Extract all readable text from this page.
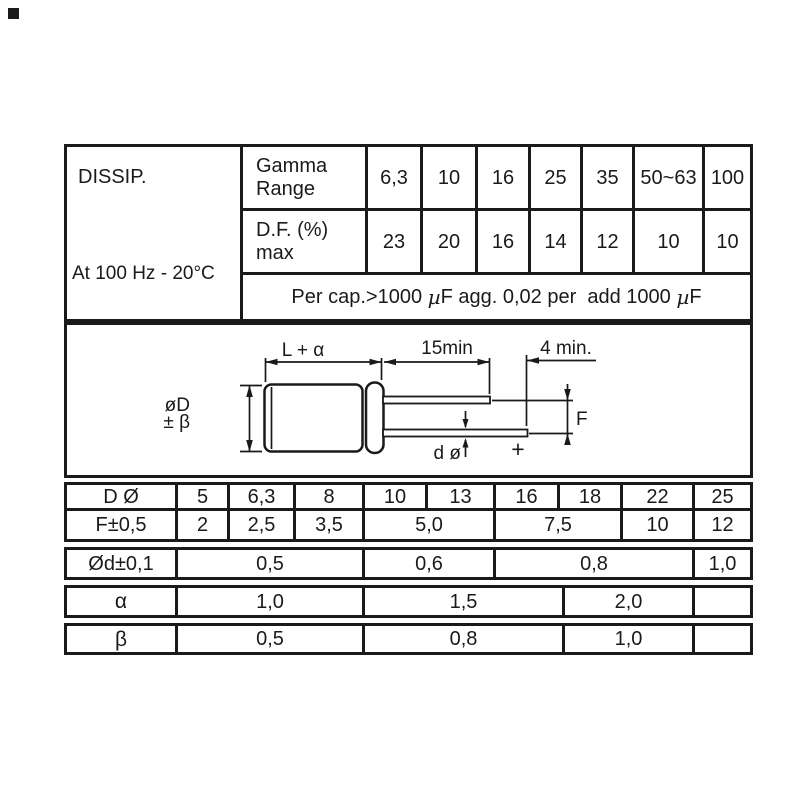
DISSIP.
At 100 Hz - 20°C
Gamma
Range	6,3	10	16	25	35	50~63 100
D.F. (%)
max	23	20	16	14	12	10	10
Per cap.>1000 µ F agg. 0,02 per  add 1000 µ F
L + α	15min	4 min.
øD
± β
d ø
F
+
D Ø	5	6,3	8	10	13	16	18	22	25
F±0,5	2	2,5	3,5	5,0	7,5	10	12
Ød±0,1	0,5	0,6	0,8	1,0
α	1,0	1,5	2,0
β	0,5	0,8	1,0
